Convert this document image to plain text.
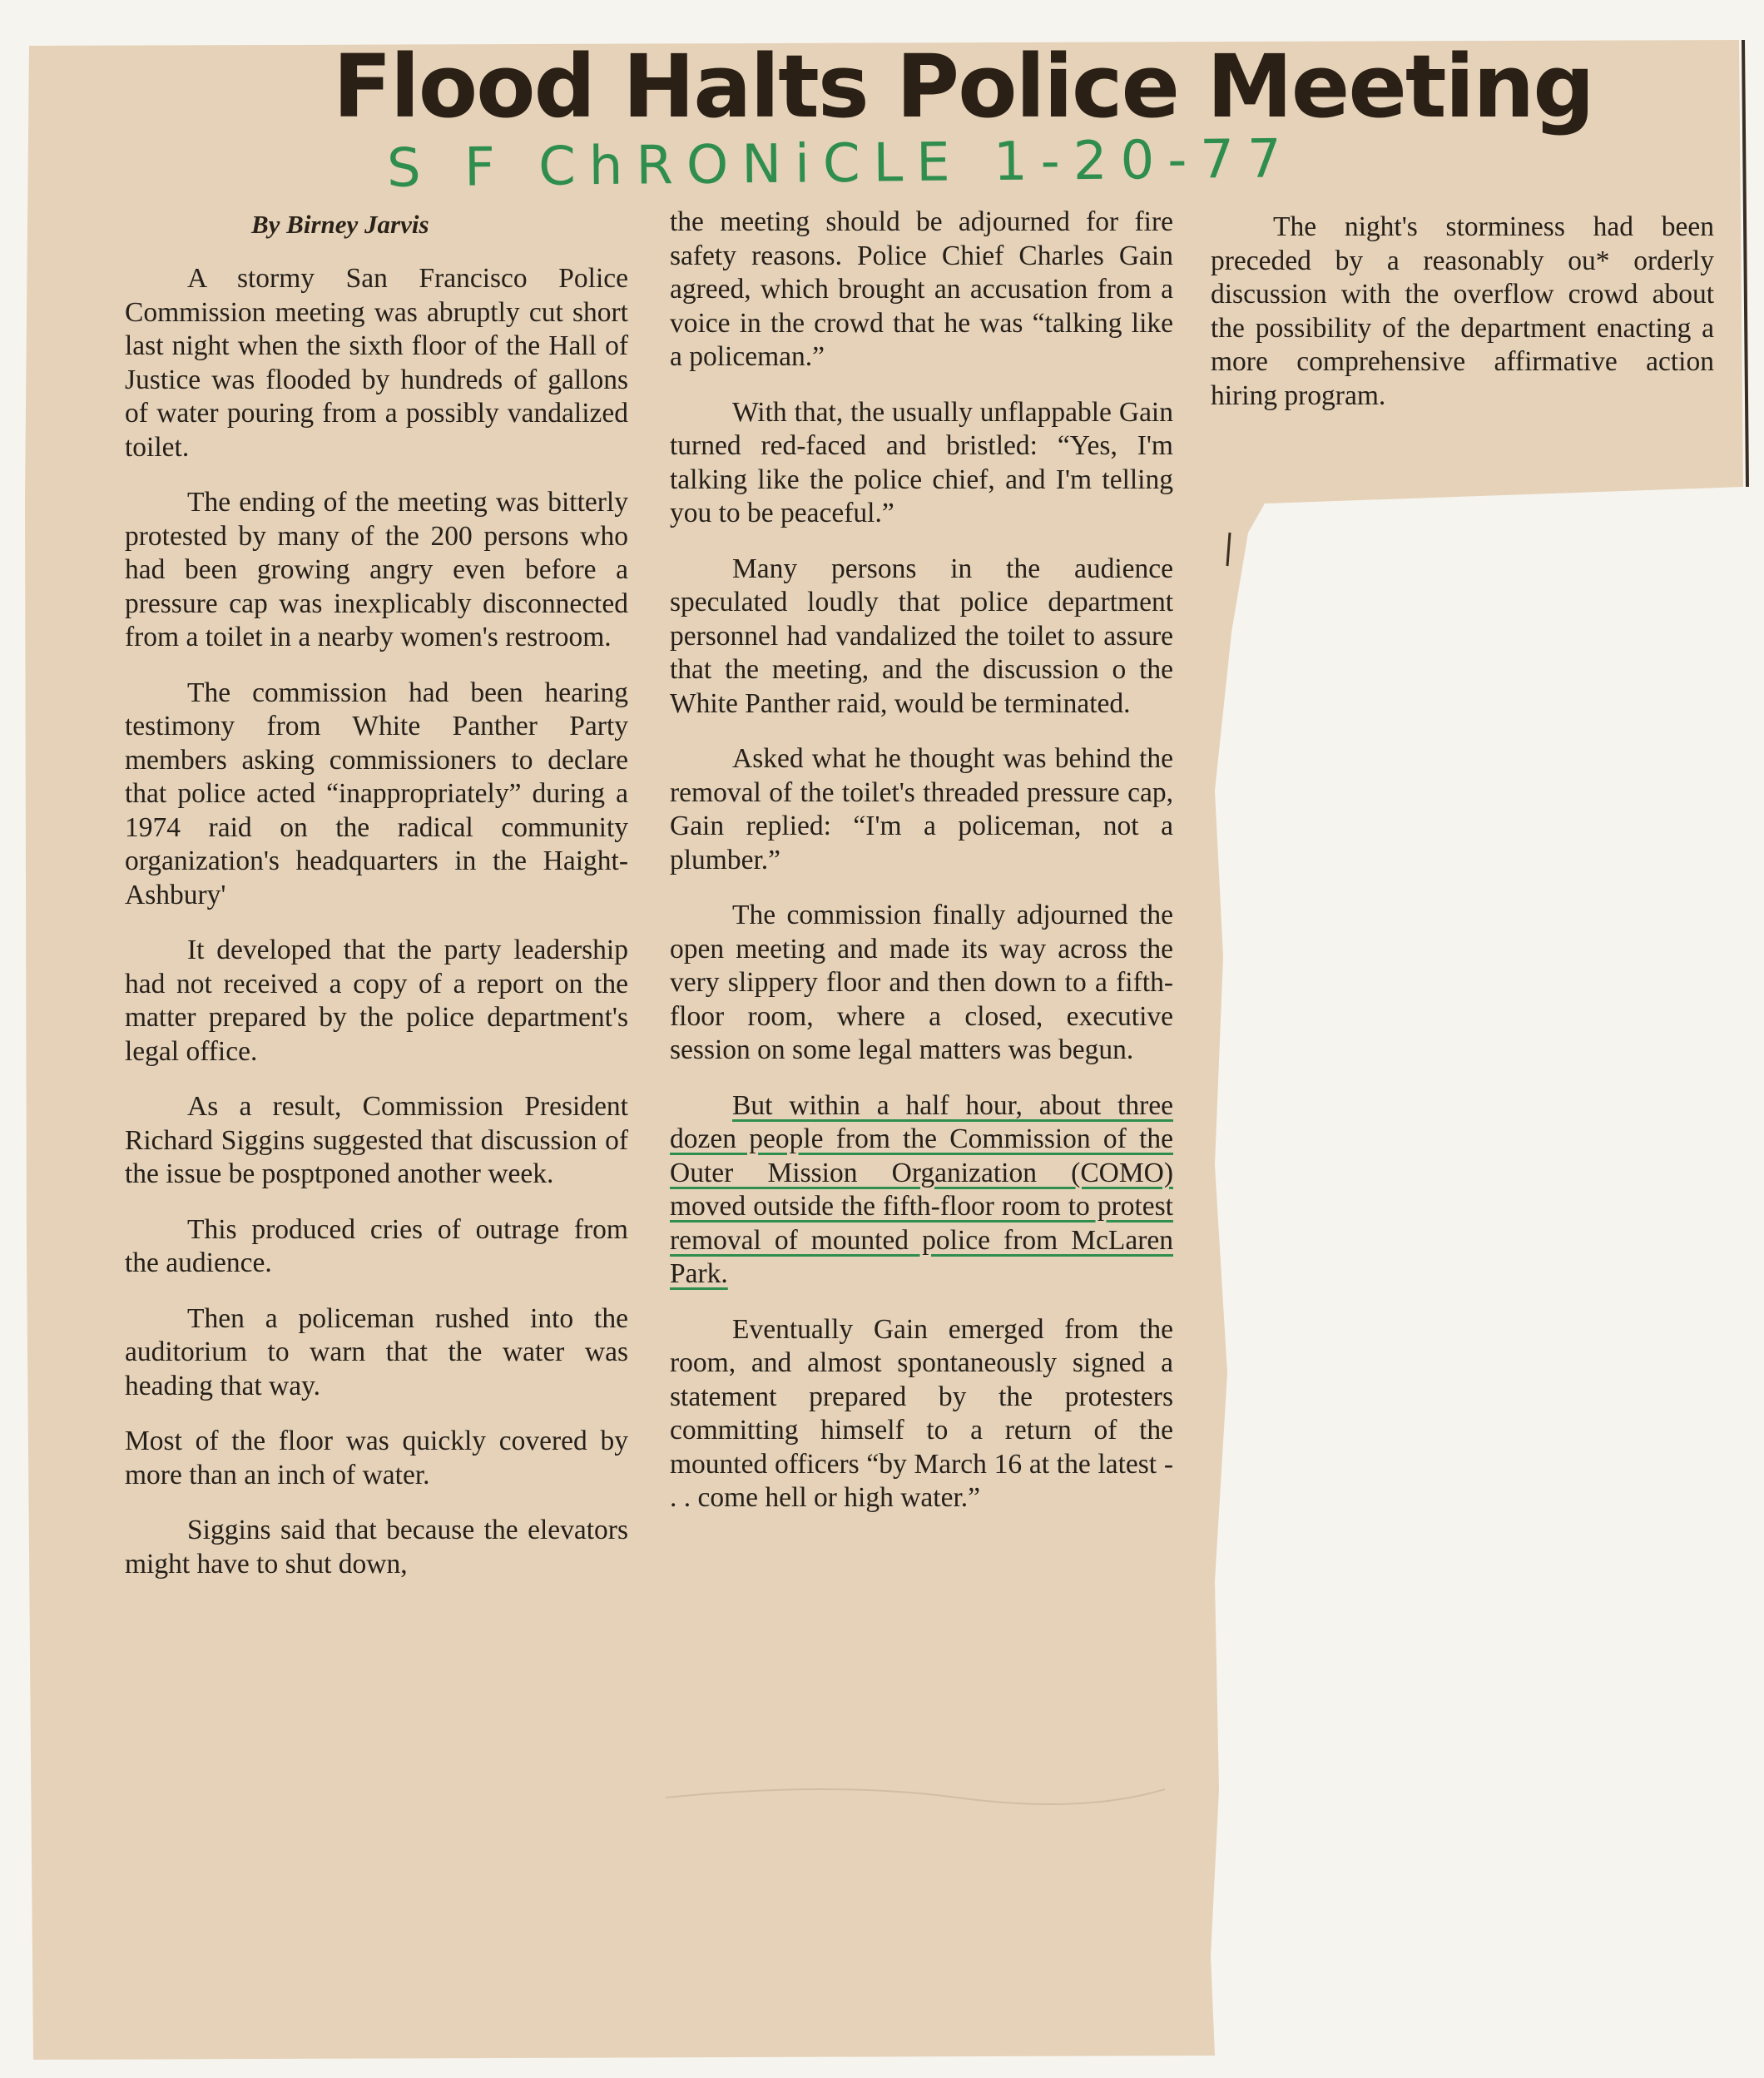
Flood Halts Police Meeting
S F ChRONiCLE 1-20-77
By Birney Jarvis

A stormy San Francisco Police Commission meeting was abruptly cut short last night when the sixth floor of the Hall of Justice was flooded by hundreds of gallons of water pouring from a possibly vandalized toilet.

The ending of the meeting was bitterly protested by many of the 200 persons who had been growing angry even before a pressure cap was inexplicably disconnected from a toilet in a nearby women's restroom.

The commission had been hearing testimony from White Panther Party members asking commissioners to declare that police acted “inappropriately” during a 1974 raid on the radical community organization's headquarters in the Haight-Ashbury'

It developed that the party leadership had not received a copy of a report on the matter prepared by the police department's legal office.

As a result, Commission President Richard Siggins suggested that discussion of the issue be posptponed another week.

This produced cries of outrage from the audience.

Then a policeman rushed into the auditorium to warn that the water was heading that way.

Most of the floor was quickly covered by more than an inch of water.

Siggins said that because the elevators might have to shut down,

the meeting should be adjourned for fire safety reasons. Police Chief Charles Gain agreed, which brought an accusation from a voice in the crowd that he was “talking like a policeman.”

With that, the usually unflappable Gain turned red-faced and bristled: “Yes, I'm talking like the police chief, and I'm telling you to be peaceful.”

Many persons in the audience speculated loudly that police department personnel had vandalized the toilet to assure that the meeting, and the discussion o the White Panther raid, would be terminated.

Asked what he thought was behind the removal of the toilet's threaded pressure cap, Gain replied: “I'm a policeman, not a plumber.”

The commission finally adjourned the open meeting and made its way across the very slippery floor and then down to a fifth-floor room, where a closed, executive session on some legal matters was begun.

But within a half hour, about three dozen people from the Commission of the Outer Mission Organization (COMO) moved outside the fifth-floor room to protest removal of mounted police from McLaren Park.

Eventually Gain emerged from the room, and almost spontaneously signed a statement prepared by the protesters committing himself to a return of the mounted officers “by March 16 at the latest - . . come hell or high water.”

The night's storminess had been preceded by a reasonably ou* orderly discussion with the overflow crowd about the possibility of the department enacting a more comprehensive affirmative action hiring program.
